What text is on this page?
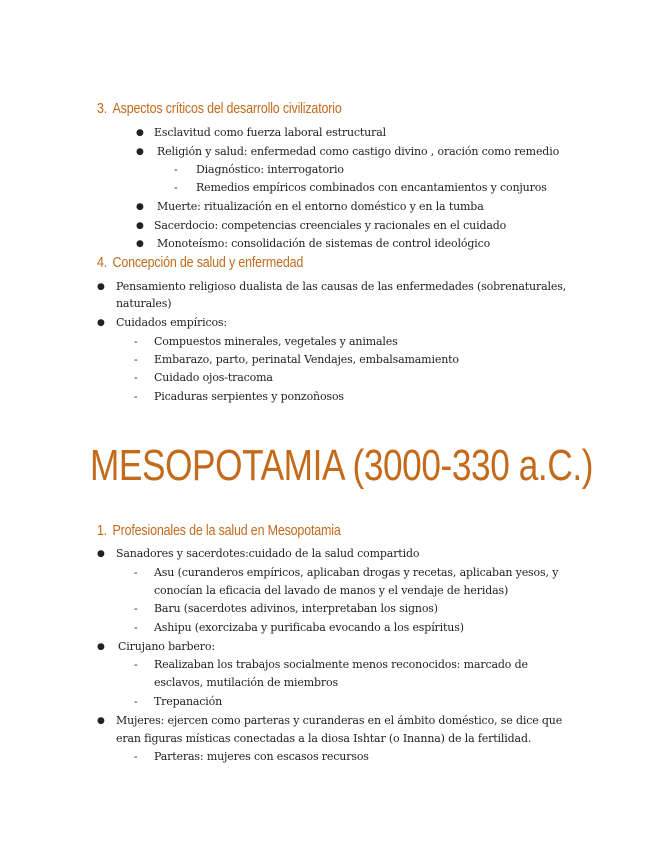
3. Aspectos críticos del desarrollo civilizatorio
● Esclavitud como fuerza laboral estructural
● Religión y salud: enfermedad como castigo divino , oración como remedio
- Diagnóstico: interrogatorio
- Remedios empíricos combinados con encantamientos y conjuros
● Muerte: ritualización en el entorno doméstico y en la tumba
● Sacerdocio: competencias creenciales y racionales en el cuidado
● Monoteísmo: consolidación de sistemas de control ideológico
4. Concepción de salud y enfermedad
● Pensamiento religioso dualista de las causas de las enfermedades (sobrenaturales,
naturales)
● Cuidados empíricos:
- Compuestos minerales, vegetales y animales
- Embarazo, parto, perinatal Vendajes, embalsamamiento
- Cuidado ojos-tracoma
- Picaduras serpientes y ponzoñosos
MESOPOTAMIA (3000-330 a.C.)
1. Profesionales de la salud en Mesopotamia
● Sanadores y sacerdotes:cuidado de la salud compartido
- Asu (curanderos empíricos, aplicaban drogas y recetas, aplicaban yesos, y
conocían la eficacia del lavado de manos y el vendaje de heridas)
- Baru (sacerdotes adivinos, interpretaban los signos)
- Ashipu (exorcizaba y purificaba evocando a los espíritus)
● Cirujano barbero:
- Realizaban los trabajos socialmente menos reconocidos: marcado de
esclavos, mutilación de miembros
- Trepanación
● Mujeres: ejercen como parteras y curanderas en el ámbito doméstico, se dice que
eran figuras místicas conectadas a la diosa Ishtar (o Inanna) de la fertilidad.
- Parteras: mujeres con escasos recursos
